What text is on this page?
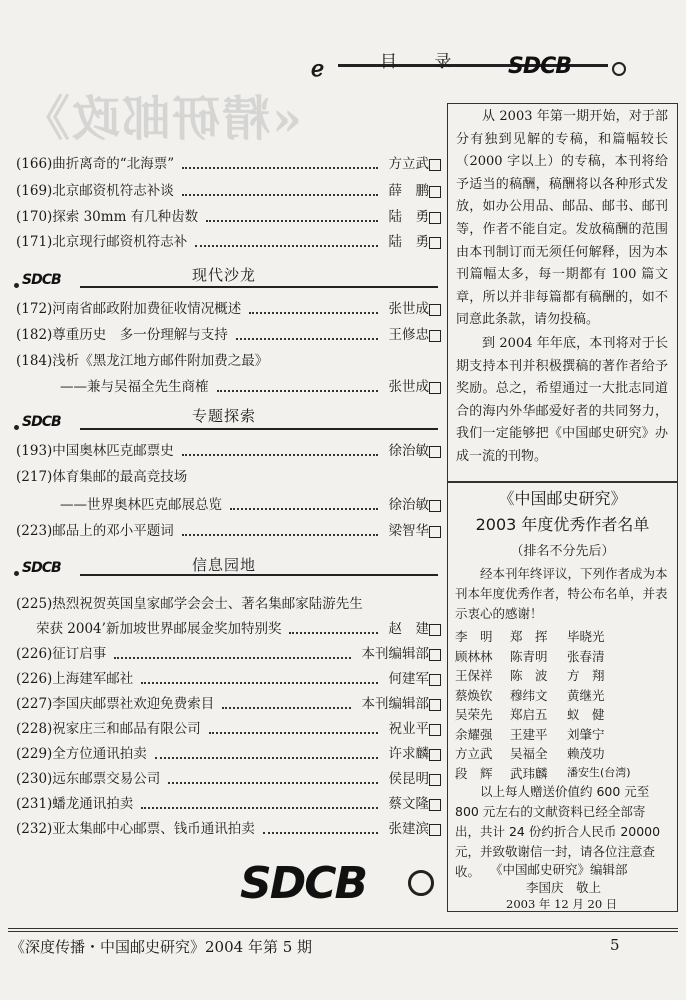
«精研邮政》
ℯ	目 录 SDCB
(166)曲折离奇的“北海票”	方立武
(169)北京邮资机符志补谈	薛　鹏
(170)探索 30mm 有几种齿数	陆　勇
(171)北京现行邮资机符志补	陆　勇
SDCB	现代沙龙
(172)河南省邮政附加费征收情况概述	张世成
(182)尊重历史　多一份理解与支持	王修忠
(184)浅析《黑龙江地方邮件附加费之最》
——兼与吴福全先生商榷	张世成
SDCB	专题探索
(193)中国奥林匹克邮票史	徐治敏
(217)体育集邮的最高竞技场
——世界奥林匹克邮展总览	徐治敏
(223)邮品上的邓小平题词	梁智华
SDCB	信息园地
(225)热烈祝贺英国皇家邮学会会士、著名集邮家陆游先生
荣获 2004’新加坡世界邮展金奖加特别奖	赵　建
(226)征订启事	本刊编辑部
(226)上海建军邮社	何建军
(227)李国庆邮票社欢迎免费索目	本刊编辑部
(228)祝家庄三和邮品有限公司	祝业平
(229)全方位通讯拍卖	许求麟
(230)远东邮票交易公司	侯昆明
(231)蟠龙通讯拍卖	蔡文隆
(232)亚太集邮中心邮票、钱币通讯拍卖	张建滨
从 2003 年第一期开始，对于部分有独到见解的专稿，和篇幅较长（2000 字以上）的专稿，本刊将给予适当的稿酬，稿酬将以各种形式发放，如办公用品、邮品、邮书、邮刊等，作者不能自定。发放稿酬的范围由本刊制订而无须任何解释，因为本刊篇幅太多，每一期都有 100 篇文章，所以并非每篇都有稿酬的，如不同意此条款，请勿投稿。
到 2004 年年底，本刊将对于长期支持本刊并积极撰稿的著作者给予奖励。总之，希望通过一大批志同道合的海内外华邮爱好者的共同努力，我们一定能够把《中国邮史研究》办成一流的刊物。
《中国邮史研究》
2003 年度优秀作者名单
（排名不分先后）
经本刊年终评议，下列作者成为本刊本年度优秀作者，特公布名单，并表示衷心的感谢！
李　明 郑　挥 毕晓光
顾林林 陈青明 张春清
王保祥 陈　波 方　翔
蔡焕钦 穆纬文 黄继光
吴荣先 郑启五 蚁　健
余耀强 王建平 刘肇宁
方立武 吴福全 赖茂功
段　辉 武玮麟 潘安生(台湾)
以上每人赠送价值约 600 元至 800 元左右的文献资料已经全部寄出，共计 24 份约折合人民币 20000 元，并致敬谢信一封，请各位注意查收。 《中国邮史研究》编辑部
李国庆　敬上
2003 年 12 月 20 日
SDCB
《深度传播・中国邮史研究》2004 年第 5 期	5
